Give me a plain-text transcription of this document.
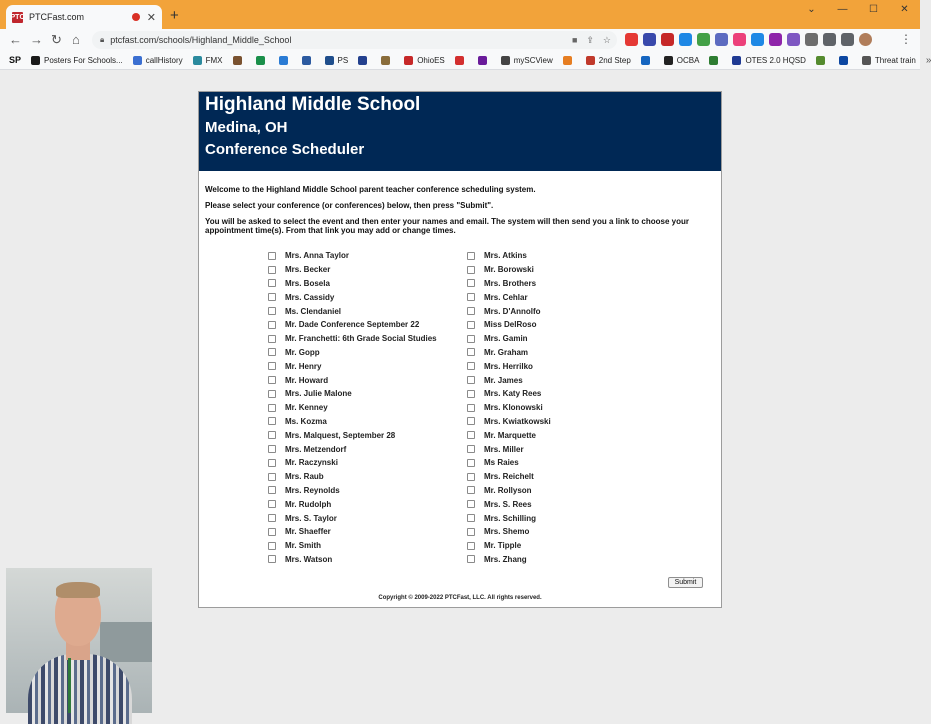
PTC PTCFast.com	✕ +	⌄	—	☐	✕
← → ↻ ⌂	🔒︎ ptcfast.com/schools/Highland_Middle_School	■ ⇪ ☆	⋮
SP	Posters For Schools...	callHistory	FMX	PS	OhioES	mySCView	2nd Step	OCBA	OTES 2.0 HQSD	Threat train »
Highland Middle School
Medina, OH
Conference Scheduler

Welcome to the Highland Middle School parent teacher conference scheduling system.

Please select your conference (or conferences) below, then press "Submit".

You will be asked to select the event and then enter your names and email. The system will then send you a link to choose your appointment time(s). From that link you may add or change times.

Mrs. Anna Taylor
Mrs. Becker
Mrs. Bosela
Mrs. Cassidy
Ms. Clendaniel
Mr. Dade Conference September 22
Mr. Franchetti: 6th Grade Social Studies
Mr. Gopp
Mr. Henry
Mr. Howard
Mrs. Julie Malone
Mr. Kenney
Ms. Kozma
Mrs. Malquest, September 28
Mrs. Metzendorf
Mr. Raczynski
Mrs. Raub
Mrs. Reynolds
Mr. Rudolph
Mrs. S. Taylor
Mr. Shaeffer
Mr. Smith
Mrs. Watson
Mrs. Atkins
Mr. Borowski
Mrs. Brothers
Mrs. Cehlar
Mrs. D'Annolfo
Miss DelRoso
Mrs. Gamin
Mr. Graham
Mrs. Herrilko
Mr. James
Mrs. Katy Rees
Mrs. Klonowski
Mrs. Kwiatkowski
Mr. Marquette
Mrs. Miller
Ms Raies
Mrs. Reichelt
Mr. Rollyson
Mrs. S. Rees
Mrs. Schilling
Mrs. Shemo
Mr. Tipple
Mrs. Zhang
Submit
Copyright © 2009-2022 PTCFast, LLC. All rights reserved.
